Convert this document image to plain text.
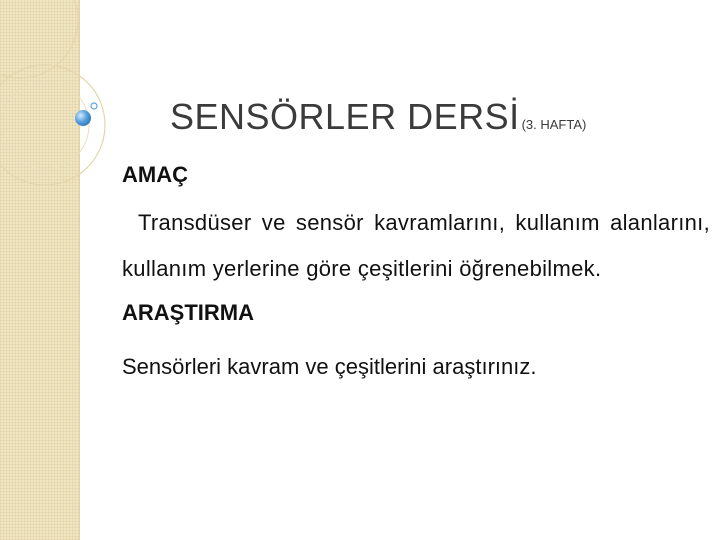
SENSÖRLER DERSİ (3. HAFTA)
AMAÇ
Transdüser ve sensör kavramlarını, kullanım alanlarını, kullanım yerlerine göre çeşitlerini öğrenebilmek.
ARAŞTIRMA
Sensörleri kavram ve çeşitlerini araştırınız.
